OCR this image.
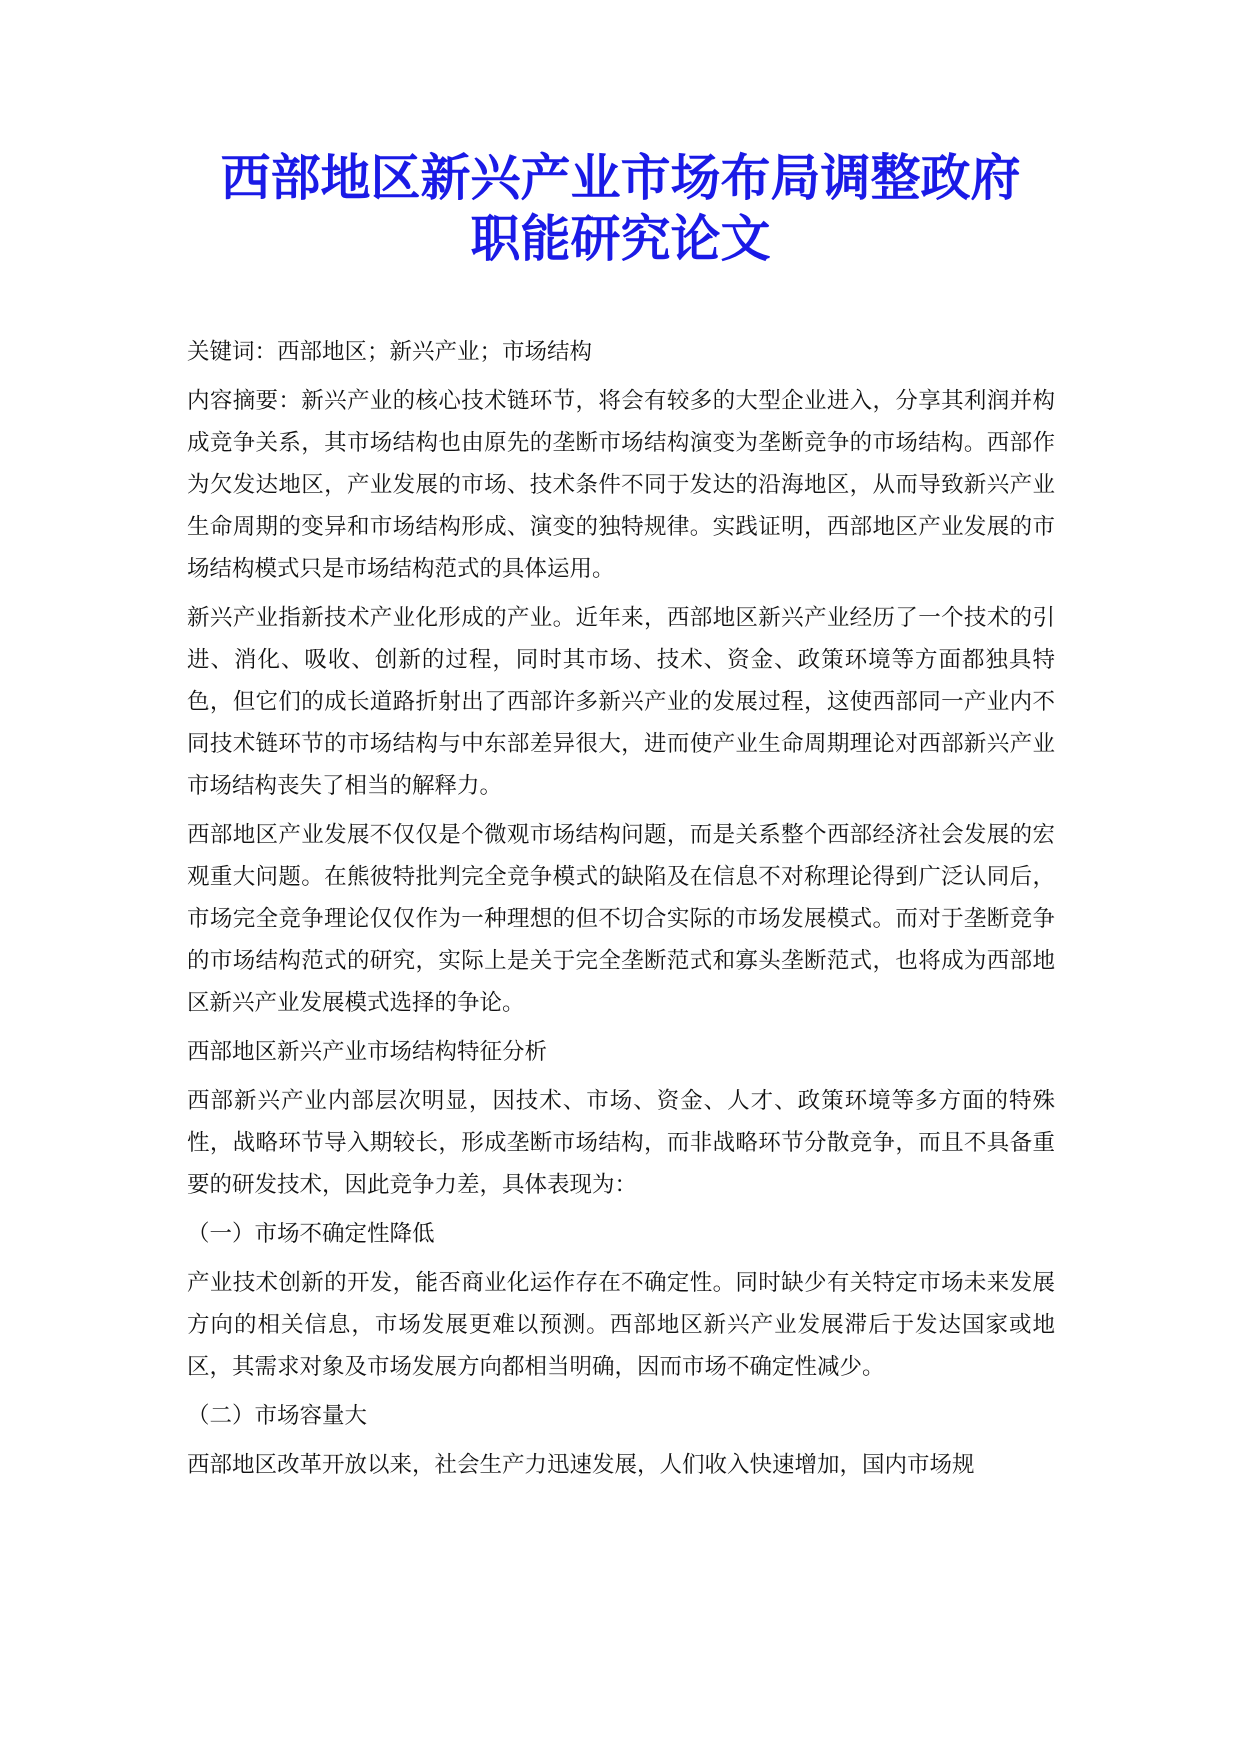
西部地区新兴产业市场布局调整政府
职能研究论文

关键词：西部地区；新兴产业；市场结构

内容摘要：新兴产业的核心技术链环节，将会有较多的大型企业进入，分享其利润并构成竞争关系，其市场结构也由原先的垄断市场结构演变为垄断竞争的市场结构。西部作为欠发达地区，产业发展的市场、技术条件不同于发达的沿海地区，从而导致新兴产业生命周期的变异和市场结构形成、演变的独特规律。实践证明，西部地区产业发展的市场结构模式只是市场结构范式的具体运用。

新兴产业指新技术产业化形成的产业。近年来，西部地区新兴产业经历了一个技术的引进、消化、吸收、创新的过程，同时其市场、技术、资金、政策环境等方面都独具特色，但它们的成长道路折射出了西部许多新兴产业的发展过程，这使西部同一产业内不同技术链环节的市场结构与中东部差异很大，进而使产业生命周期理论对西部新兴产业市场结构丧失了相当的解释力。

西部地区产业发展不仅仅是个微观市场结构问题，而是关系整个西部经济社会发展的宏观重大问题。在熊彼特批判完全竞争模式的缺陷及在信息不对称理论得到广泛认同后，市场完全竞争理论仅仅作为一种理想的但不切合实际的市场发展模式。而对于垄断竞争的市场结构范式的研究，实际上是关于完全垄断范式和寡头垄断范式，也将成为西部地区新兴产业发展模式选择的争论。

西部地区新兴产业市场结构特征分析

西部新兴产业内部层次明显，因技术、市场、资金、人才、政策环境等多方面的特殊性，战略环节导入期较长，形成垄断市场结构，而非战略环节分散竞争，而且不具备重要的研发技术，因此竞争力差，具体表现为：

（一）市场不确定性降低

产业技术创新的开发，能否商业化运作存在不确定性。同时缺少有关特定市场未来发展方向的相关信息，市场发展更难以预测。西部地区新兴产业发展滞后于发达国家或地区，其需求对象及市场发展方向都相当明确，因而市场不确定性减少。

（二）市场容量大

西部地区改革开放以来，社会生产力迅速发展，人们收入快速增加，国内市场规
